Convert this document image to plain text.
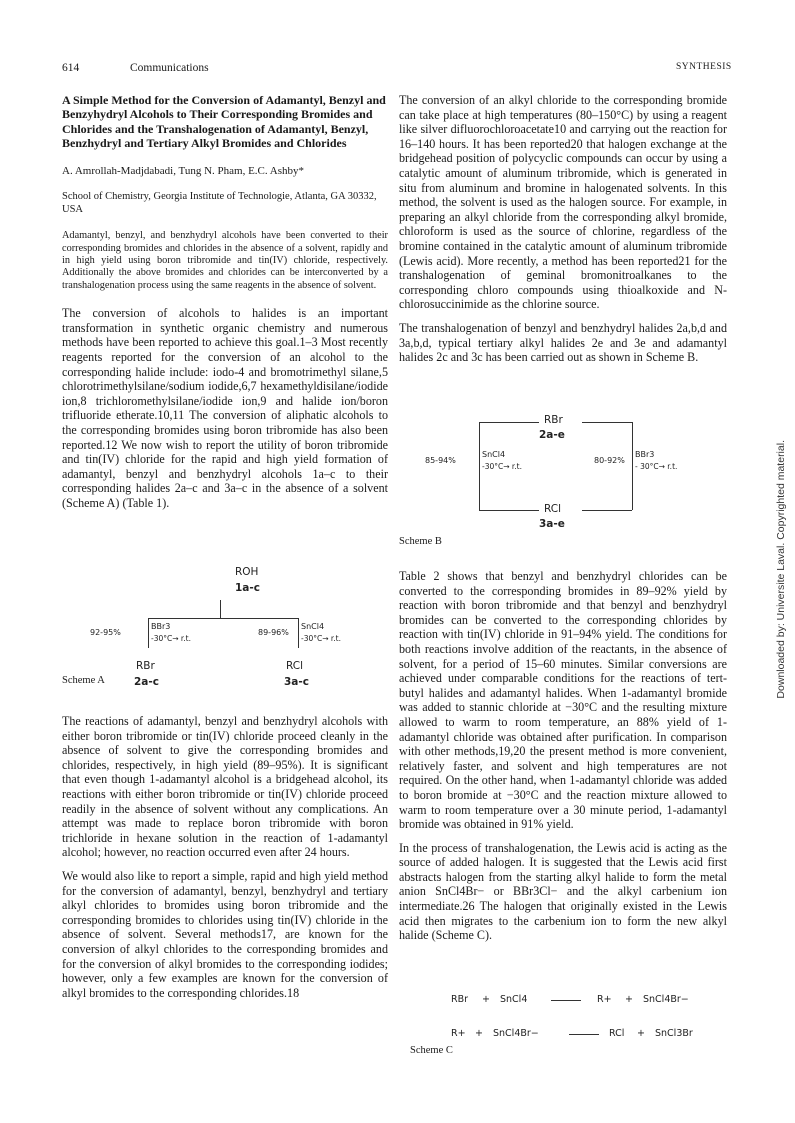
614	Communications	SYNTHESIS

A Simple Method for the Conversion of Adamantyl, Benzyl and Benzyhydryl Alcohols to Their Corresponding Bromides and Chlorides and the Transhalogenation of Adamantyl, Benzyl, Benzhydryl and Tertiary Alkyl Bromides and Chlorides

A. Amrollah-Madjdabadi, Tung N. Pham, E.C. Ashby*

School of Chemistry, Georgia Institute of Technologie, Atlanta, GA 30332, USA

Adamantyl, benzyl, and benzhydryl alcohols have been converted to their corresponding bromides and chlorides in the absence of a solvent, rapidly and in high yield using boron tribromide and tin(IV) chloride, respectively. Additionally the above bromides and chlorides can be interconverted by a transhalogenation process using the same reagents in the absence of solvent.

The conversion of alcohols to halides is an important transformation in synthetic organic chemistry and numerous methods have been reported to achieve this goal.1–3 Most recently reagents reported for the conversion of an alcohol to the corresponding halide include: iodo-4 and bromotrimethyl silane,5 chlorotrimethylsilane/sodium iodide,6,7 hexamethyldisilane/iodide ion,8 trichloromethylsilane/iodide ion,9 and halide ion/boron trifluoride etherate.10,11 The conversion of aliphatic alcohols to the corresponding bromides using boron tribromide has also been reported.12 We now wish to report the utility of boron tribromide and tin(IV) chloride for the rapid and high yield formation of adamantyl, benzyl and benzhydryl alcohols 1a–c to their corresponding halides 2a–c and 3a–c in the absence of a solvent (Scheme A) (Table 1).

ROH
1a-c
92-95%
BBr3
-30°C→ r.t.
89-96%
SnCl4
-30°C→ r.t.
RBr
2a-c
RCl
3a-c
Scheme A

The reactions of adamantyl, benzyl and benzhydryl alcohols with either boron tribromide or tin(IV) chloride proceed cleanly in the absence of solvent to give the corresponding bromides and chlorides, respectively, in high yield (89–95%). It is significant that even though 1-adamantyl alcohol is a bridgehead alcohol, its reactions with either boron tribromide or tin(IV) chloride proceed readily in the absence of solvent without any complications. An attempt was made to replace boron tribromide with boron trichloride in hexane solution in the reaction of 1-adamantyl alcohol; however, no reaction occurred even after 24 hours.

We would also like to report a simple, rapid and high yield method for the conversion of adamantyl, benzyl, benzhydryl and tertiary alkyl chlorides to bromides using boron tribromide and the corresponding bromides to chlorides using tin(IV) chloride in the absence of solvent. Several methods17, are known for the conversion of alkyl chlorides to the corresponding bromides and for the conversion of alkyl bromides to the corresponding iodides; however, only a few examples are known for the conversion of alkyl bromides to the corresponding chlorides.18

The conversion of an alkyl chloride to the corresponding bromide can take place at high temperatures (80–150°C) by using a reagent like silver difluorochloroacetate10 and carrying out the reaction for 16–140 hours. It has been reported20 that halogen exchange at the bridgehead position of polycyclic compounds can occur by using a catalytic amount of aluminum tribromide, which is generated in situ from aluminum and bromine in halogenated solvents. In this method, the solvent is used as the halogen source. For example, in preparing an alkyl chloride from the corresponding alkyl bromide, chloroform is used as the source of chlorine, regardless of the bromine contained in the catalytic amount of aluminum tribromide (Lewis acid). More recently, a method has been reported21 for the transhalogenation of geminal bromonitroalkanes to the corresponding chloro compounds using thioalkoxide and N-chlorosuccinimide as the chlorine source.

The transhalogenation of benzyl and benzhydryl halides 2a,b,d and 3a,b,d, typical tertiary alkyl halides 2e and 3e and adamantyl halides 2c and 3c has been carried out as shown in Scheme B.

RBr
2a-e
85-94%
SnCl4
-30°C→ r.t.
80-92%
BBr3
- 30°C→ r.t.
RCl
3a-e
Scheme B

Table 2 shows that benzyl and benzhydryl chlorides can be converted to the corresponding bromides in 89–92% yield by reaction with boron tribromide and that benzyl and benzhydryl bromides can be converted to the corresponding chlorides by reaction with tin(IV) chloride in 91–94% yield. The conditions for both reactions involve addition of the reactants, in the absence of solvent, for a period of 15–60 minutes. Similar conversions are achieved under comparable conditions for the reactions of tert-butyl halides and adamantyl halides. When 1-adamantyl bromide was added to stannic chloride at −30°C and the resulting mixture allowed to warm to room temperature, an 88% yield of 1-adamantyl chloride was obtained after purification. In comparison with other methods,19,20 the present method is more convenient, relatively faster, and solvent and high temperatures are not required. On the other hand, when 1-adamantyl chloride was added to boron bromide at −30°C and the reaction mixture allowed to warm to room temperature over a 30 minute period, 1-adamantyl bromide was obtained in 91% yield.

In the process of transhalogenation, the Lewis acid is acting as the source of added halogen. It is suggested that the Lewis acid first abstracts halogen from the starting alkyl halide to form the metal anion SnCl4Br− or BBr3Cl− and the alkyl carbenium ion intermediate.26 The halogen that originally existed in the Lewis acid then migrates to the carbenium ion to form the new alkyl halide (Scheme C).

RBr + SnCl4	R+ + SnCl4Br−
R+ + SnCl4Br−	RCl + SnCl3Br
Scheme C
Downloaded by: Universite Laval. Copyrighted material.
